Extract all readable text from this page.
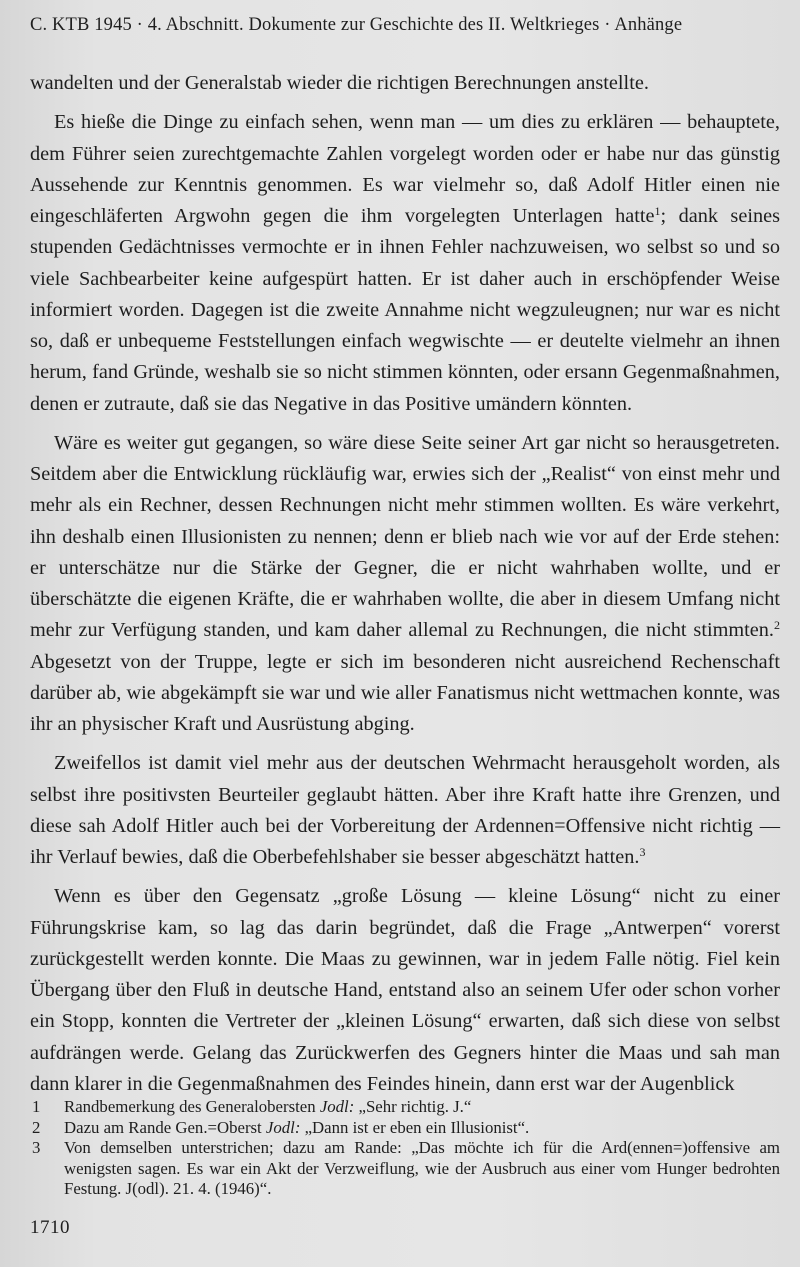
C. KTB 1945 · 4. Abschnitt. Dokumente zur Geschichte des II. Weltkrieges · Anhänge

wandelten und der Generalstab wieder die richtigen Berechnungen anstellte.

Es hieße die Dinge zu einfach sehen, wenn man — um dies zu erklären — behauptete, dem Führer seien zurechtgemachte Zahlen vorgelegt worden oder er habe nur das günstig Aussehende zur Kenntnis genommen. Es war vielmehr so, daß Adolf Hitler einen nie eingeschläferten Argwohn gegen die ihm vorgelegten Unterlagen hatte$^1$; dank seines stupenden Gedächtnisses vermochte er in ihnen Fehler nachzuweisen, wo selbst so und so viele Sachbearbeiter keine aufgespürt hatten. Er ist daher auch in erschöpfender Weise informiert worden. Dagegen ist die zweite Annahme nicht wegzuleugnen; nur war es nicht so, daß er unbequeme Feststellungen einfach wegwischte — er deutelte vielmehr an ihnen herum, fand Gründe, weshalb sie so nicht stimmen könnten, oder ersann Gegenmaßnahmen, denen er zutraute, daß sie das Negative in das Positive umändern könnten.

Wäre es weiter gut gegangen, so wäre diese Seite seiner Art gar nicht so herausgetreten. Seitdem aber die Entwicklung rückläufig war, erwies sich der „Realist“ von einst mehr und mehr als ein Rechner, dessen Rechnungen nicht mehr stimmen wollten. Es wäre verkehrt, ihn deshalb einen Illusionisten zu nennen; denn er blieb nach wie vor auf der Erde stehen: er unterschätze nur die Stärke der Gegner, die er nicht wahrhaben wollte, und er überschätzte die eigenen Kräfte, die er wahrhaben wollte, die aber in diesem Umfang nicht mehr zur Verfügung standen, und kam daher allemal zu Rechnungen, die nicht stimmten.$^2$ Abgesetzt von der Truppe, legte er sich im besonderen nicht ausreichend Rechenschaft darüber ab, wie abgekämpft sie war und wie aller Fanatismus nicht wettmachen konnte, was ihr an physischer Kraft und Ausrüstung abging.

Zweifellos ist damit viel mehr aus der deutschen Wehrmacht herausgeholt worden, als selbst ihre positivsten Beurteiler geglaubt hätten. Aber ihre Kraft hatte ihre Grenzen, und diese sah Adolf Hitler auch bei der Vorbereitung der Ardennen=Offensive nicht richtig — ihr Verlauf bewies, daß die Oberbefehlshaber sie besser abgeschätzt hatten.$^3$

Wenn es über den Gegensatz „große Lösung — kleine Lösung“ nicht zu einer Führungskrise kam, so lag das darin begründet, daß die Frage „Antwerpen“ vorerst zurückgestellt werden konnte. Die Maas zu gewinnen, war in jedem Falle nötig. Fiel kein Übergang über den Fluß in deutsche Hand, entstand also an seinem Ufer oder schon vorher ein Stopp, konnten die Vertreter der „kleinen Lösung“ erwarten, daß sich diese von selbst aufdrängen werde. Gelang das Zurückwerfen des Gegners hinter die Maas und sah man dann klarer in die Gegenmaßnahmen des Feindes hinein, dann erst war der Augenblick

1	Randbemerkung des Generalobersten Jodl: „Sehr richtig. J.“
2	Dazu am Rande Gen.=Oberst Jodl: „Dann ist er eben ein Illusionist“.
3	Von demselben unterstrichen; dazu am Rande: „Das möchte ich für die Ard(ennen=)offensive am wenigsten sagen. Es war ein Akt der Verzweiflung, wie der Ausbruch aus einer vom Hunger bedrohten Festung. J(odl). 21. 4. (1946)“.
1710
